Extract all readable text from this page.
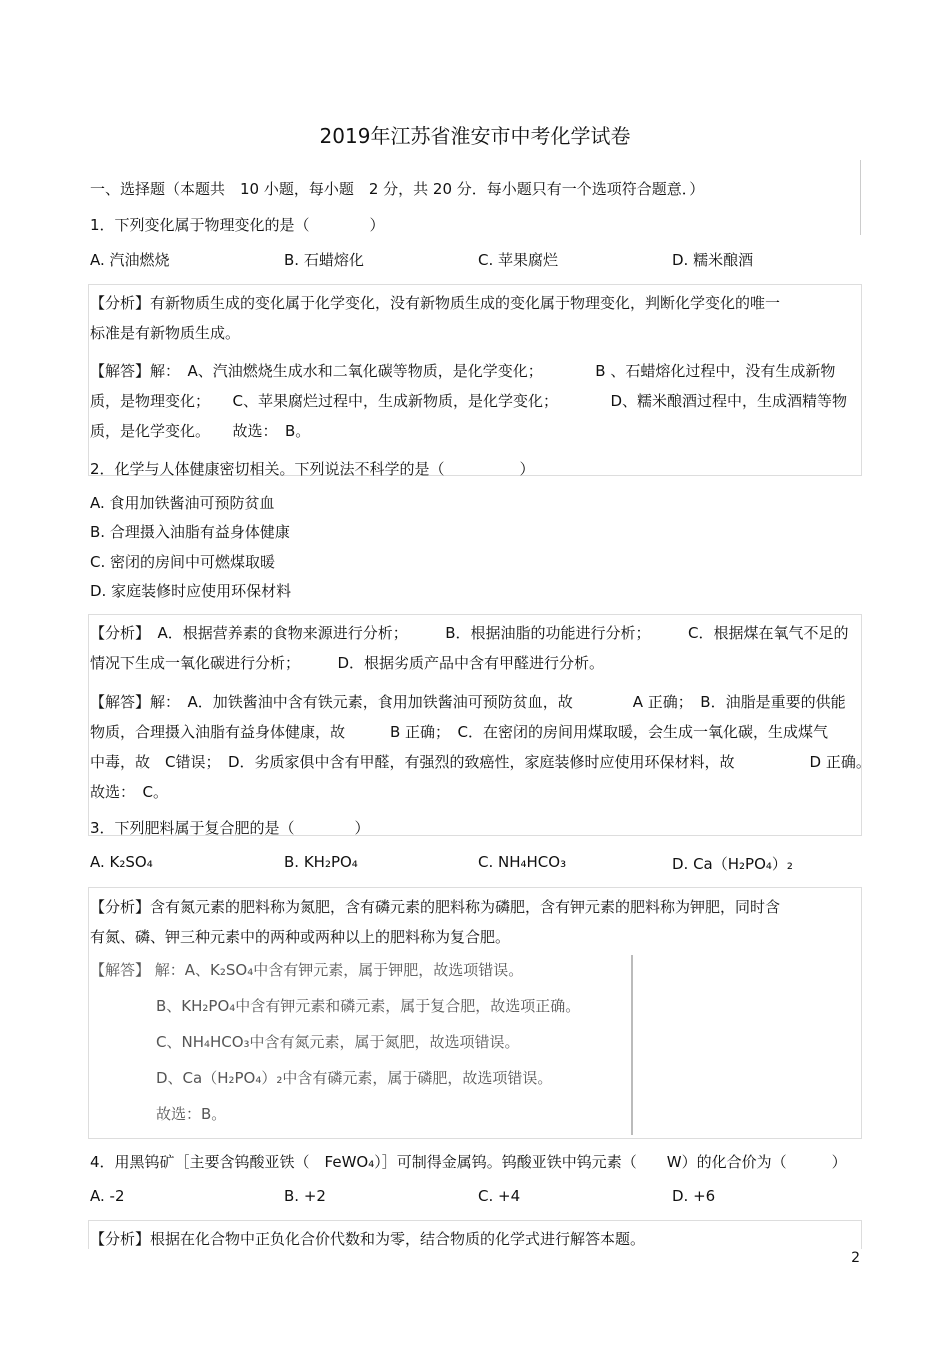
2019年江苏省淮安市中考化学试卷
一、选择题（本题共　10 小题，每小题　2 分，共 20 分．每小题只有一个选项符合题意．）
1．下列变化属于物理变化的是（　　　　）
A. 汽油燃烧	B. 石蜡熔化	C. 苹果腐烂	D. 糯米酿酒
【分析】有新物质生成的变化属于化学变化，没有新物质生成的变化属于物理变化，判断化学变化的唯一
标准是有新物质生成。
【解答】解：　A、汽油燃烧生成水和二氧化碳等物质，是化学变化；　　　　B 、石蜡熔化过程中，没有生成新物
质，是物理变化；　　C、苹果腐烂过程中，生成新物质，是化学变化；　　　　D、糯米酿酒过程中，生成酒精等物
质，是化学变化。　　故选：　B。
2．化学与人体健康密切相关。下列说法不科学的是（　　　　　）
A. 食用加铁酱油可预防贫血
B. 合理摄入油脂有益身体健康
C. 密闭的房间中可燃煤取暖
D. 家庭装修时应使用环保材料
【分析】　A．根据营养素的食物来源进行分析；　　　B．根据油脂的功能进行分析；　　　C．根据煤在氧气不足的
情况下生成一氧化碳进行分析；　　　D．根据劣质产品中含有甲醛进行分析。
【解答】解：　A．加铁酱油中含有铁元素，食用加铁酱油可预防贫血，故　　　　A 正确；　B．油脂是重要的供能
物质，合理摄入油脂有益身体健康，故　　　B 正确；　C．在密闭的房间用煤取暖，会生成一氧化碳，生成煤气
中毒，故　C错误；　D．劣质家俱中含有甲醛，有强烈的致癌性，家庭装修时应使用环保材料，故　　　　　D 正确。
故选：　C。
3．下列肥料属于复合肥的是（　　　　）
A. K₂SO₄	B. KH₂PO₄	C. NH₄HCO₃	D. Ca（H₂PO₄）₂
【分析】含有氮元素的肥料称为氮肥，含有磷元素的肥料称为磷肥，含有钾元素的肥料称为钾肥，同时含
有氮、磷、钾三种元素中的两种或两种以上的肥料称为复合肥。
【解答】 解：A、K₂SO₄中含有钾元素，属于钾肥，故选项错误。
B、KH₂PO₄中含有钾元素和磷元素，属于复合肥，故选项正确。
C、NH₄HCO₃中含有氮元素，属于氮肥，故选项错误。
D、Ca（H₂PO₄）₂中含有磷元素，属于磷肥，故选项错误。
故选：B。
4．用黑钨矿［主要含钨酸亚铁（　FeWO₄）］可制得金属钨。钨酸亚铁中钨元素（　　W）的化合价为（　　　）
A. -2	B. +2	C. +4	D. +6
【分析】根据在化合物中正负化合价代数和为零，结合物质的化学式进行解答本题。
2
